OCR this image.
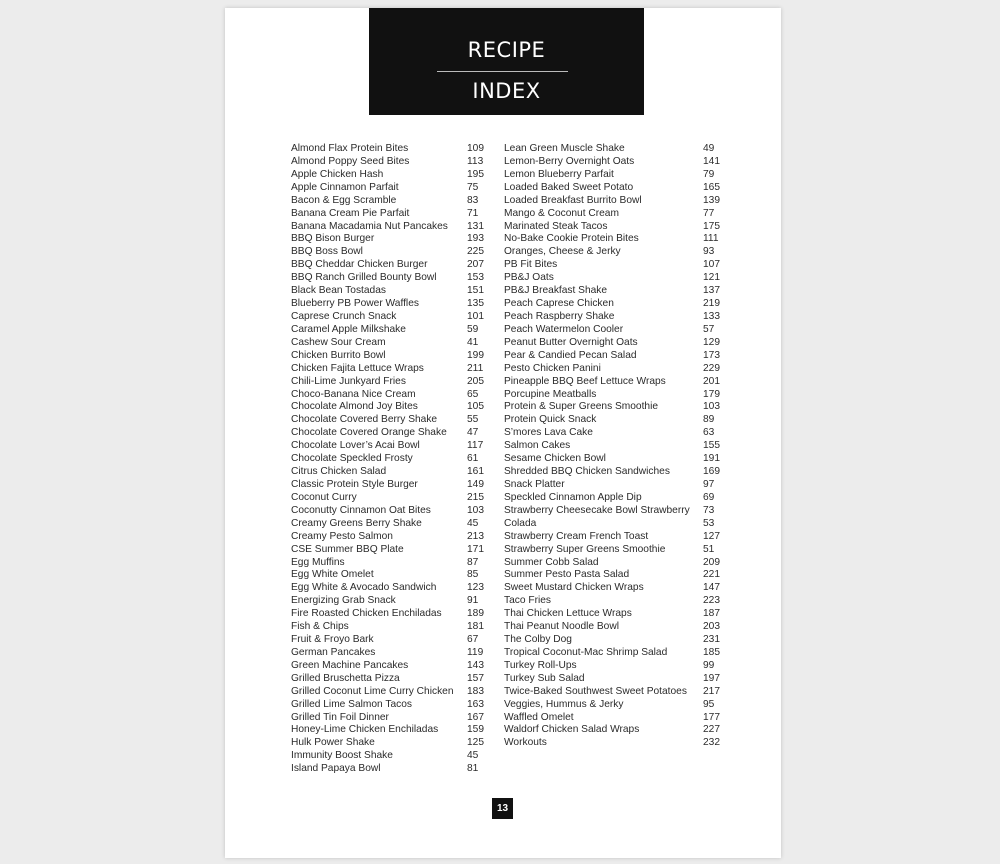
RECIPE
INDEX
Almond Flax Protein Bites	109
Almond Poppy Seed Bites	113
Apple Chicken Hash	195
Apple Cinnamon Parfait	75
Bacon & Egg Scramble	83
Banana Cream Pie Parfait	71
Banana Macadamia Nut Pancakes 131
BBQ Bison Burger	193
BBQ Boss Bowl	225
BBQ Cheddar Chicken Burger	207
BBQ Ranch Grilled Bounty Bowl	153
Black Bean Tostadas	151
Blueberry PB Power Waffles	135
Caprese Crunch Snack	101
Caramel Apple Milkshake	59
Cashew Sour Cream	41
Chicken Burrito Bowl	199
Chicken Fajita Lettuce Wraps	211
Chili-Lime Junkyard Fries	205
Choco-Banana Nice Cream	65
Chocolate Almond Joy Bites	105
Chocolate Covered Berry Shake	55
Chocolate Covered Orange Shake 47
Chocolate Lover’s Acai Bowl	117
Chocolate Speckled Frosty	61
Citrus Chicken Salad	161
Classic Protein Style Burger	149
Coconut Curry	215
Coconutty Cinnamon Oat Bites	103
Creamy Greens Berry Shake	45
Creamy Pesto Salmon	213
CSE Summer BBQ Plate	171
Egg Muffins	87
Egg White Omelet	85
Egg White & Avocado Sandwich	123
Energizing Grab Snack	91
Fire Roasted Chicken Enchiladas 189
Fish & Chips	181
Fruit & Froyo Bark	67
German Pancakes	119
Green Machine Pancakes	143
Grilled Bruschetta Pizza	157
Grilled Coconut Lime Curry Chicken 183
Grilled Lime Salmon Tacos	163
Grilled Tin Foil Dinner	167
Honey-Lime Chicken Enchiladas	159
Hulk Power Shake	125
Immunity Boost Shake	45
Island Papaya Bowl	81
Lean Green Muscle Shake	49
Lemon-Berry Overnight Oats	141
Lemon Blueberry Parfait	79
Loaded Baked Sweet Potato	165
Loaded Breakfast Burrito Bowl	139
Mango & Coconut Cream	77
Marinated Steak Tacos	175
No-Bake Cookie Protein Bites	111
Oranges, Cheese & Jerky	93
PB Fit Bites	107
PB&J Oats	121
PB&J Breakfast Shake	137
Peach Caprese Chicken	219
Peach Raspberry Shake	133
Peach Watermelon Cooler	57
Peanut Butter Overnight Oats	129
Pear & Candied Pecan Salad	173
Pesto Chicken Panini	229
Pineapple BBQ Beef Lettuce Wraps	201
Porcupine Meatballs	179
Protein & Super Greens Smoothie	103
Protein Quick Snack	89
S’mores Lava Cake	63
Salmon Cakes	155
Sesame Chicken Bowl	191
Shredded BBQ Chicken Sandwiches	169
Snack Platter	97
Speckled Cinnamon Apple Dip	69
Strawberry Cheesecake Bowl Strawberry 73
Colada	53
Strawberry Cream French Toast	127
Strawberry Super Greens Smoothie	51
Summer Cobb Salad	209
Summer Pesto Pasta Salad	221
Sweet Mustard Chicken Wraps	147
Taco Fries	223
Thai Chicken Lettuce Wraps	187
Thai Peanut Noodle Bowl	203
The Colby Dog	231
Tropical Coconut-Mac Shrimp Salad	185
Turkey Roll-Ups	99
Turkey Sub Salad	197
Twice-Baked Southwest Sweet Potatoes 217
Veggies, Hummus & Jerky	95
Waffled Omelet	177
Waldorf Chicken Salad Wraps	227
Workouts	232
13
